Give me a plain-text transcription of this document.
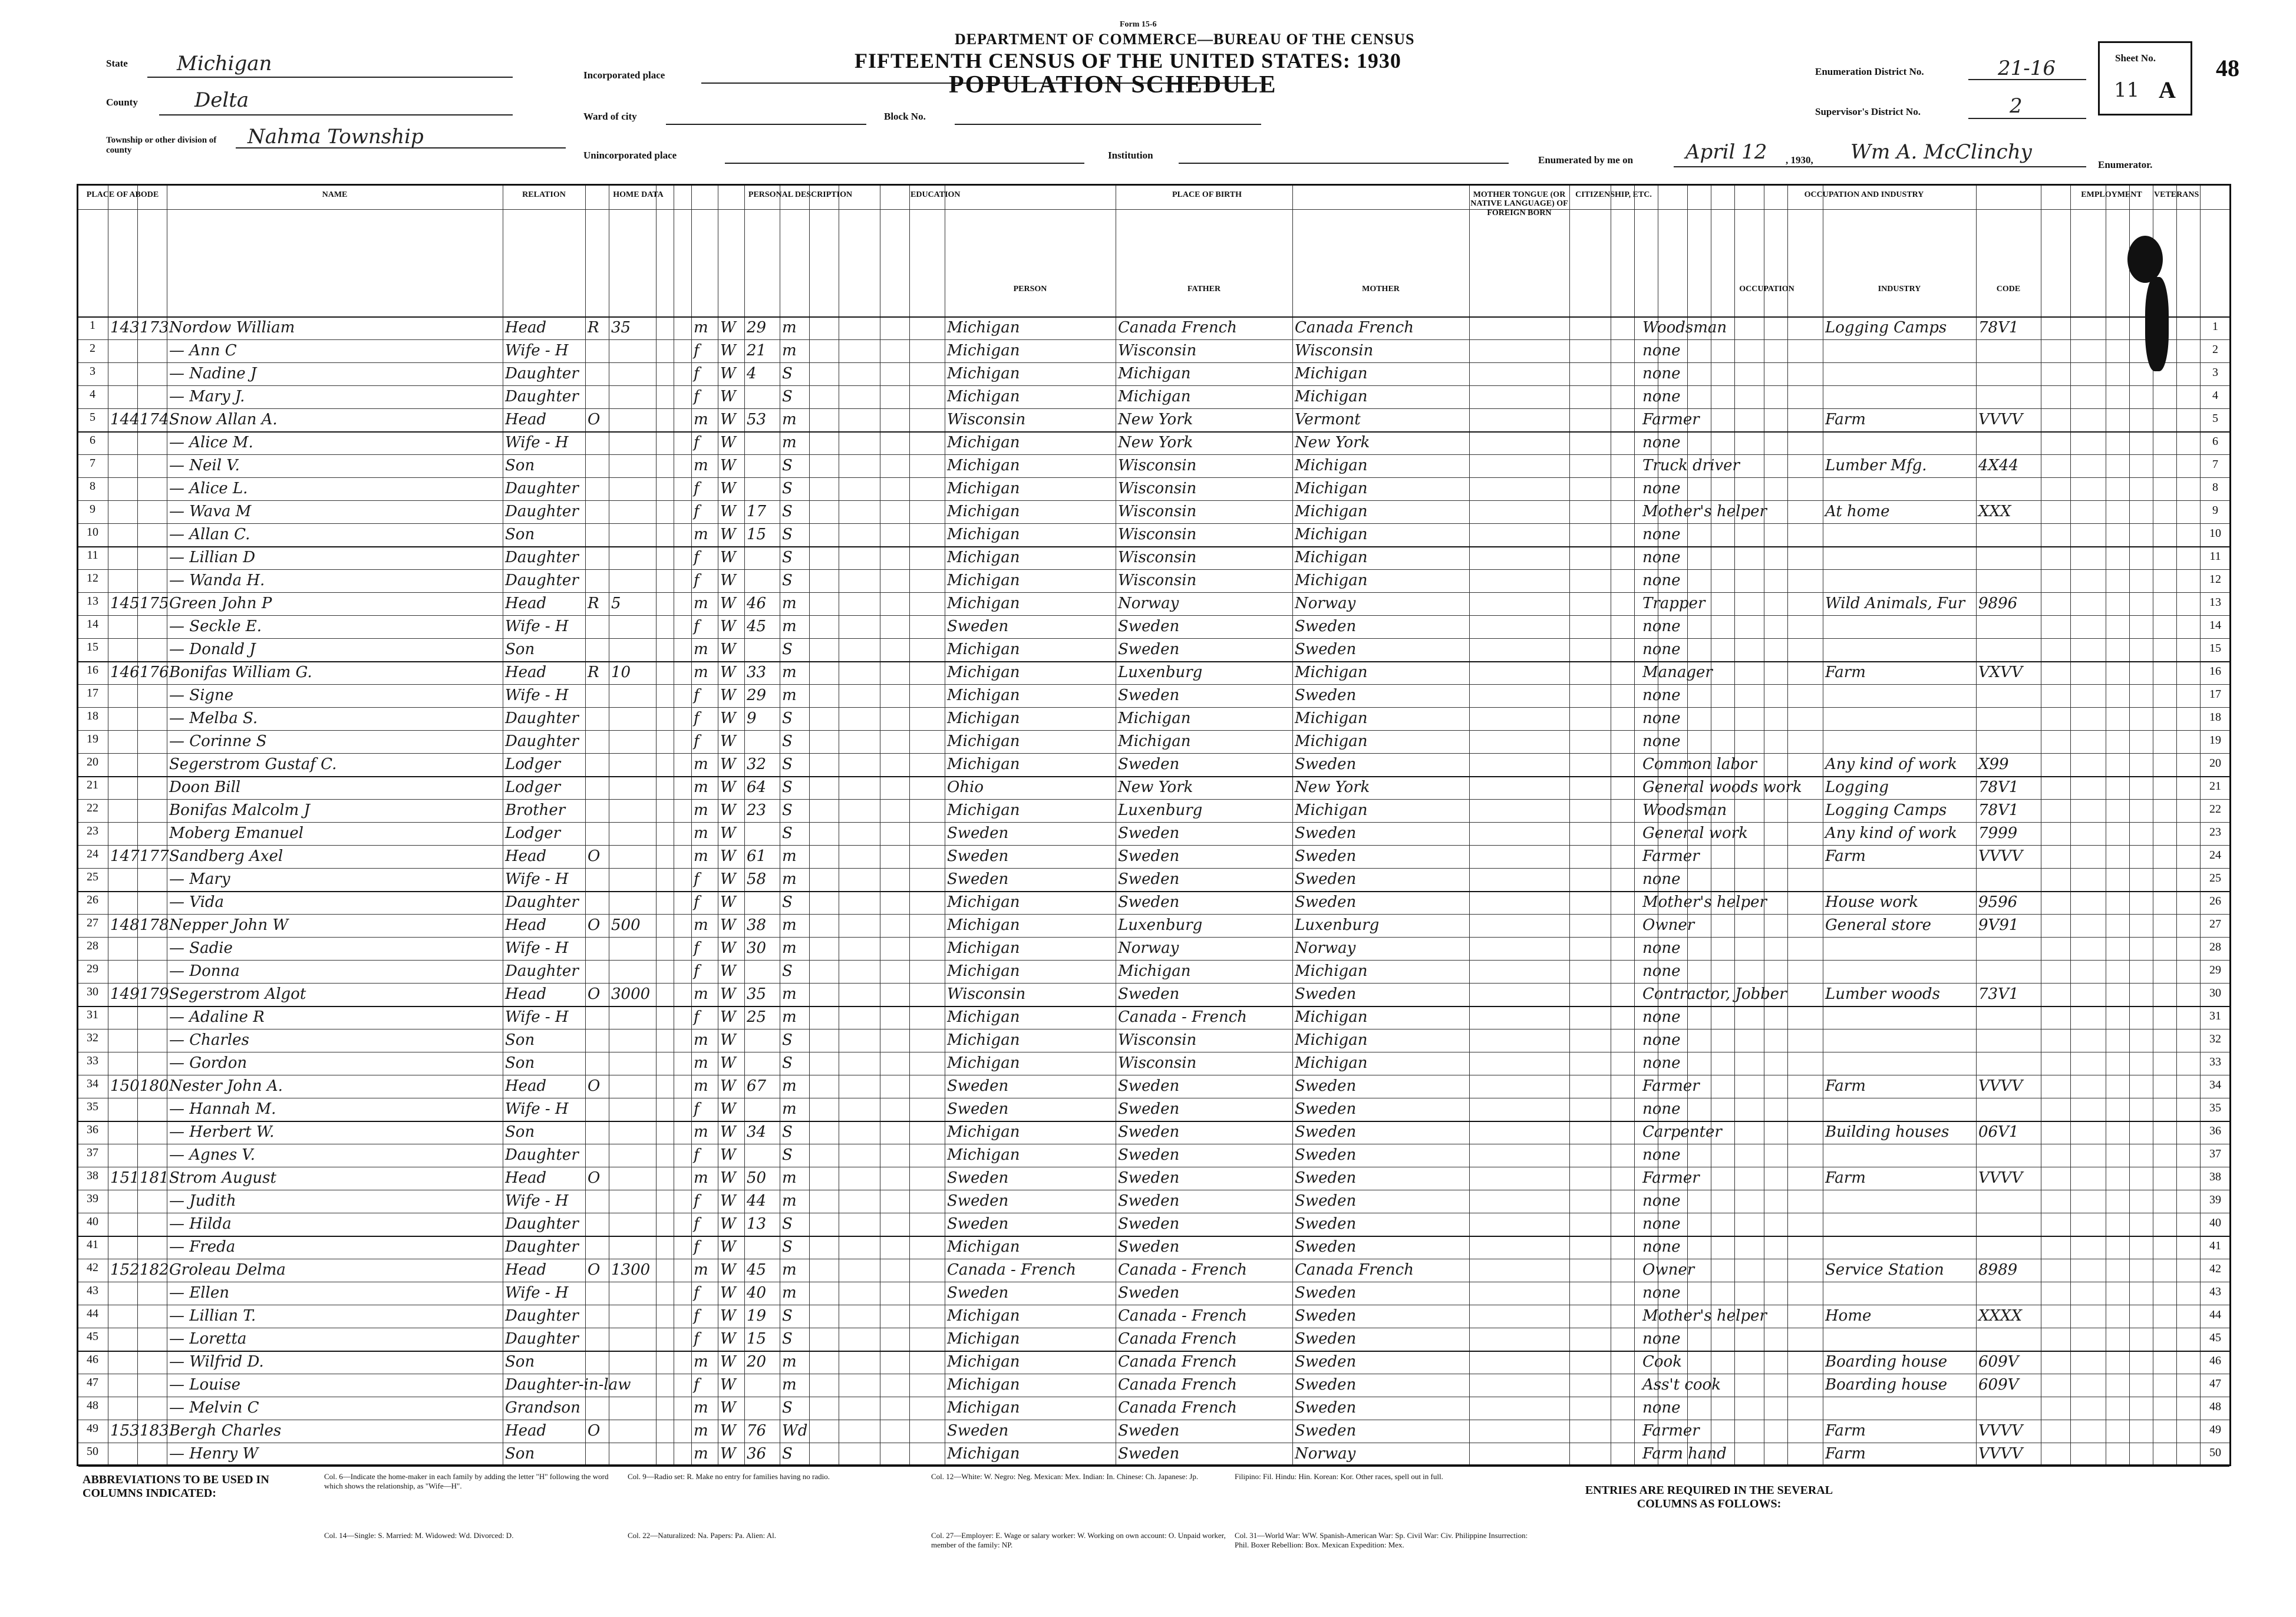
State Michigan
County	Delta
Township or other division of county
Nahma Township
Incorporated place
Ward of city	Block No.
Unincorporated place	Institution
Form 15-6
DEPARTMENT OF COMMERCE—BUREAU OF THE CENSUS
FIFTEENTH CENSUS OF THE UNITED STATES: 1930
POPULATION SCHEDULE	Enumeration District No.	21-16
Supervisor's District No.	2
Sheet No.
11 A
48
Enumerated by me on	April 12 , 1930, Wm A. McClinchy
Enumerator.
PLACE OF ABODE	NAME	RELATION	HOME DATA	PERSONAL DESCRIPTION	EDUCATION	PLACE OF BIRTH	MOTHER TONGUE (OR NATIVE LANGUAGE) OF FOREIGN BORN
CITIZENSHIP, ETC.	OCCUPATION AND INDUSTRY	EMPLOYMENT	VETERANS
PERSON	FATHER	MOTHER	OCCUPATION	INDUSTRY	CODE
1 143 173 Nordow William	Head	R 35	m W 29	m	Michigan	Canada French	Canada French	Woodsman	Logging Camps	78V1	1
2	— Ann C	Wife - H	f	W 21	m	Michigan	Wisconsin	Wisconsin	none	2
3	— Nadine J	Daughter	f	W 4	S	Michigan	Michigan	Michigan	none	3
4	— Mary J.	Daughter	f	W	S	Michigan	Michigan	Michigan	none	4
5 144 174 Snow Allan A.	Head	O	m W 53	m	Wisconsin	New York	Vermont	Farmer	Farm	VVVV	5
6	— Alice M.	Wife - H	f	W	m	Michigan	New York	New York	none	6
7	— Neil V.	Son	m W	S	Michigan	Wisconsin	Michigan	Truck driver	Lumber Mfg.	4X44	7
8	— Alice L.	Daughter	f	W	S	Michigan	Wisconsin	Michigan	none	8
9	— Wava M	Daughter	f	W 17	S	Michigan	Wisconsin	Michigan	Mother's helper	At home	XXX	9
10	— Allan C.	Son	m W 15	S	Michigan	Wisconsin	Michigan	none	10
11	— Lillian D	Daughter	f	W	S	Michigan	Wisconsin	Michigan	none	11
12	— Wanda H.	Daughter	f	W	S	Michigan	Wisconsin	Michigan	none	12
13 145 175 Green John P	Head	R 5	m W 46	m	Michigan	Norway	Norway	Trapper	Wild Animals, Fur 9896	13
14	— Seckle E.	Wife - H	f	W 45	m	Sweden	Sweden	Sweden	none	14
15	— Donald J	Son	m W	S	Michigan	Sweden	Sweden	none	15
16 146 176 Bonifas William G.	Head	R 10	m W 33	m	Michigan	Luxenburg	Michigan	Manager	Farm	VXVV	16
17	— Signe	Wife - H	f	W 29	m	Michigan	Sweden	Sweden	none	17
18	— Melba S.	Daughter	f	W 9	S	Michigan	Michigan	Michigan	none	18
19	— Corinne S	Daughter	f	W	S	Michigan	Michigan	Michigan	none	19
20	Segerstrom Gustaf C.	Lodger	m W 32	S	Michigan	Sweden	Sweden	Common labor	Any kind of work	X99	20
21	Doon Bill	Lodger	m W 64	S	Ohio	New York	New York	General woods work	Logging	78V1	21
22	Bonifas Malcolm J	Brother	m W 23	S	Michigan	Luxenburg	Michigan	Woodsman	Logging Camps	78V1	22
23	Moberg Emanuel	Lodger	m W	S	Sweden	Sweden	Sweden	General work	Any kind of work	7999	23
24 147 177 Sandberg Axel	Head	O	m W 61	m	Sweden	Sweden	Sweden	Farmer	Farm	VVVV	24
25	— Mary	Wife - H	f	W 58	m	Sweden	Sweden	Sweden	none	25
26	— Vida	Daughter	f	W	S	Michigan	Sweden	Sweden	Mother's helper	House work	9596	26
27 148 178 Nepper John W	Head	O 500	m W 38	m	Michigan	Luxenburg	Luxenburg	Owner	General store	9V91	27
28	— Sadie	Wife - H	f	W 30	m	Michigan	Norway	Norway	none	28
29	— Donna	Daughter	f	W	S	Michigan	Michigan	Michigan	none	29
30 149 179 Segerstrom Algot	Head	O 3000	m W 35	m	Wisconsin	Sweden	Sweden	Contractor, Jobber	Lumber woods	73V1	30
31	— Adaline R	Wife - H	f	W 25	m	Michigan	Canada - French	Michigan	none	31
32	— Charles	Son	m W	S	Michigan	Wisconsin	Michigan	none	32
33	— Gordon	Son	m W	S	Michigan	Wisconsin	Michigan	none	33
34 150 180 Nester John A.	Head	O	m W 67	m	Sweden	Sweden	Sweden	Farmer	Farm	VVVV	34
35	— Hannah M.	Wife - H	f	W	m	Sweden	Sweden	Sweden	none	35
36	— Herbert W.	Son	m W 34	S	Michigan	Sweden	Sweden	Carpenter	Building houses	06V1	36
37	— Agnes V.	Daughter	f	W	S	Michigan	Sweden	Sweden	none	37
38 151 181 Strom August	Head	O	m W 50	m	Sweden	Sweden	Sweden	Farmer	Farm	VVVV	38
39	— Judith	Wife - H	f	W 44	m	Sweden	Sweden	Sweden	none	39
40	— Hilda	Daughter	f	W 13	S	Sweden	Sweden	Sweden	none	40
41	— Freda	Daughter	f	W	S	Michigan	Sweden	Sweden	none	41
42 152 182 Groleau Delma	Head	O 1300	m W 45	m	Canada - French	Canada - French	Canada French	Owner	Service Station	8989	42
43	— Ellen	Wife - H	f	W 40	m	Sweden	Sweden	Sweden	none	43
44	— Lillian T.	Daughter	f	W 19	S	Michigan	Canada - French	Sweden	Mother's helper	Home	XXXX	44
45	— Loretta	Daughter	f	W 15	S	Michigan	Canada French	Sweden	none	45
46	— Wilfrid D.	Son	m W 20	m	Michigan	Canada French	Sweden	Cook	Boarding house	609V	46
47	— Louise	Daughter-in-law	f	W	m	Michigan	Canada French	Sweden	Ass't cook	Boarding house	609V	47
48	— Melvin C	Grandson	m W	S	Michigan	Canada French	Sweden	none	48
49 153 183 Bergh Charles	Head	O	m W 76	Wd	Sweden	Sweden	Sweden	Farmer	Farm	VVVV	49
50	— Henry W	Son	m W 36	S	Michigan	Sweden	Norway	Farm hand	Farm	VVVV	50
ABBREVIATIONS TO BE USED IN COLUMNS INDICATED:
Col. 6—Indicate the home-maker in each family by adding the letter "H" following the word which shows the relationship, as "Wife—H".
Col. 9—Radio set: R. Make no entry for families having no radio.	Col. 12—White: W. Negro: Neg. Mexican: Mex. Indian: In. Chinese: Ch. Japanese: Jp.	Filipino: Fil. Hindu: Hin. Korean: Kor. Other races, spell out in full.
Col. 14—Single: S. Married: M. Widowed: Wd. Divorced: D.	Col. 22—Naturalized: Na. Papers: Pa. Alien: Al.	Col. 27—Employer: E. Wage or salary worker: W. Working on own account: O. Unpaid worker, member of the family: NP.
Col. 31—World War: WW. Spanish-American War: Sp. Civil War: Civ. Philippine Insurrection: Phil. Boxer Rebellion: Box. Mexican Expedition: Mex.
ENTRIES ARE REQUIRED IN THE SEVERAL COLUMNS AS FOLLOWS:
